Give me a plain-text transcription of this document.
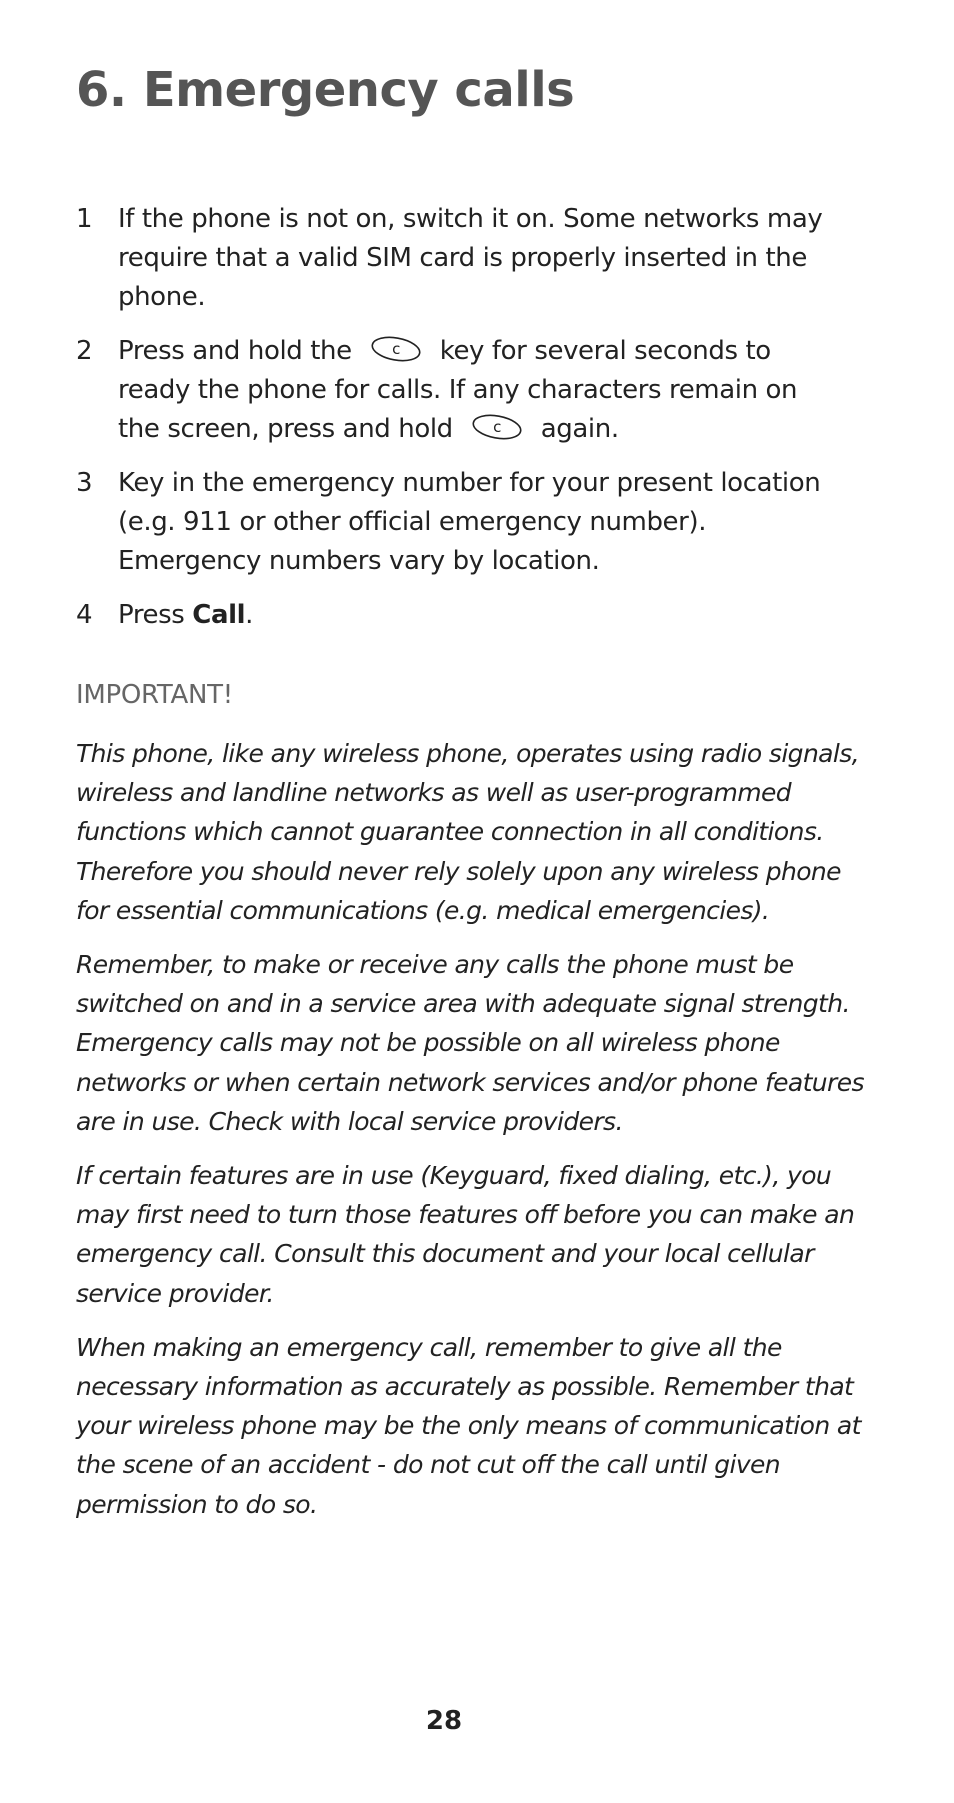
6. Emergency calls
1 If the phone is not on, switch it on. Some networks may require that a valid SIM card is properly inserted in the phone.
2 Press and hold the	c key for several seconds to ready the phone for calls. If any characters remain on the screen, press and hold	c again.
3 Key in the emergency number for your present location (e.g. 911 or other official emergency number). Emergency numbers vary by location.
4 Press Call.
IMPORTANT!

This phone, like any wireless phone, operates using radio signals, wireless and landline networks as well as user-programmed functions which cannot guarantee connection in all conditions. Therefore you should never rely solely upon any wireless phone for essential communications (e.g. medical emergencies).

Remember, to make or receive any calls the phone must be switched on and in a service area with adequate signal strength. Emergency calls may not be possible on all wireless phone networks or when certain network services and/or phone features are in use. Check with local service providers.

If certain features are in use (Keyguard, fixed dialing, etc.), you may first need to turn those features off before you can make an emergency call. Consult this document and your local cellular service provider.

When making an emergency call, remember to give all the necessary information as accurately as possible. Remember that your wireless phone may be the only means of communication at the scene of an accident - do not cut off the call until given permission to do so.

28
